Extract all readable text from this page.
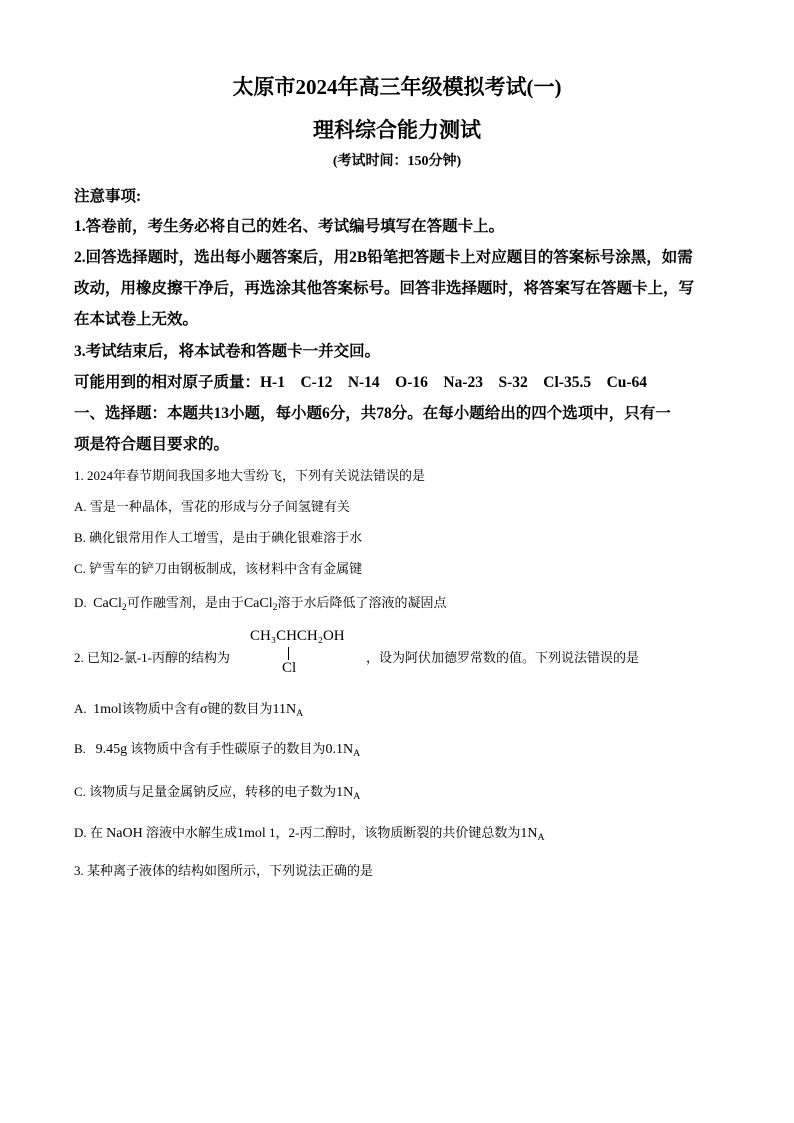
太原市2024年高三年级模拟考试(一)
理科综合能力测试
(考试时间：150分钟)
注意事项:
1.答卷前，考生务必将自己的姓名、考试编号填写在答题卡上。
2.回答选择题时，选出每小题答案后，用2B铅笔把答题卡上对应题目的答案标号涂黑，如需
改动，用橡皮擦干净后，再选涂其他答案标号。回答非选择题时，将答案写在答题卡上，写
在本试卷上无效。
3.考试结束后，将本试卷和答题卡一并交回。
可能用到的相对原子质量：H-1　C-12　N-14　O-16　Na-23　S-32　Cl-35.5　Cu-64
一、选择题：本题共13小题，每小题6分，共78分。在每小题给出的四个选项中，只有一
项是符合题目要求的。
1. 2024年春节期间我国多地大雪纷飞，下列有关说法错误的是
A. 雪是一种晶体，雪花的形成与分子间氢键有关
B. 碘化银常用作人工增雪，是由于碘化银难溶于水
C. 铲雪车的铲刀由钢板制成，该材料中含有金属键
D. CaCl$_2$可作融雪剂，是由于CaCl$_2$溶于水后降低了溶液的凝固点
2. 已知2-氯-1-丙醇的结构为
CH₃CHCH₂OH
Cl
，设为阿伏加德罗常数的值。下列说法错误的是
A. 1mol该物质中含有σ键的数目为$11N_A$
B. 9.45g 该物质中含有手性碳原子的数目为$0.1N_A$
C. 该物质与足量金属钠反应，转移的电子数为$1N_A$
D. 在 NaOH 溶液中水解生成1mol 1，2-丙二醇时，该物质断裂的共价键总数为$1N_A$
3. 某种离子液体的结构如图所示，下列说法正确的是
